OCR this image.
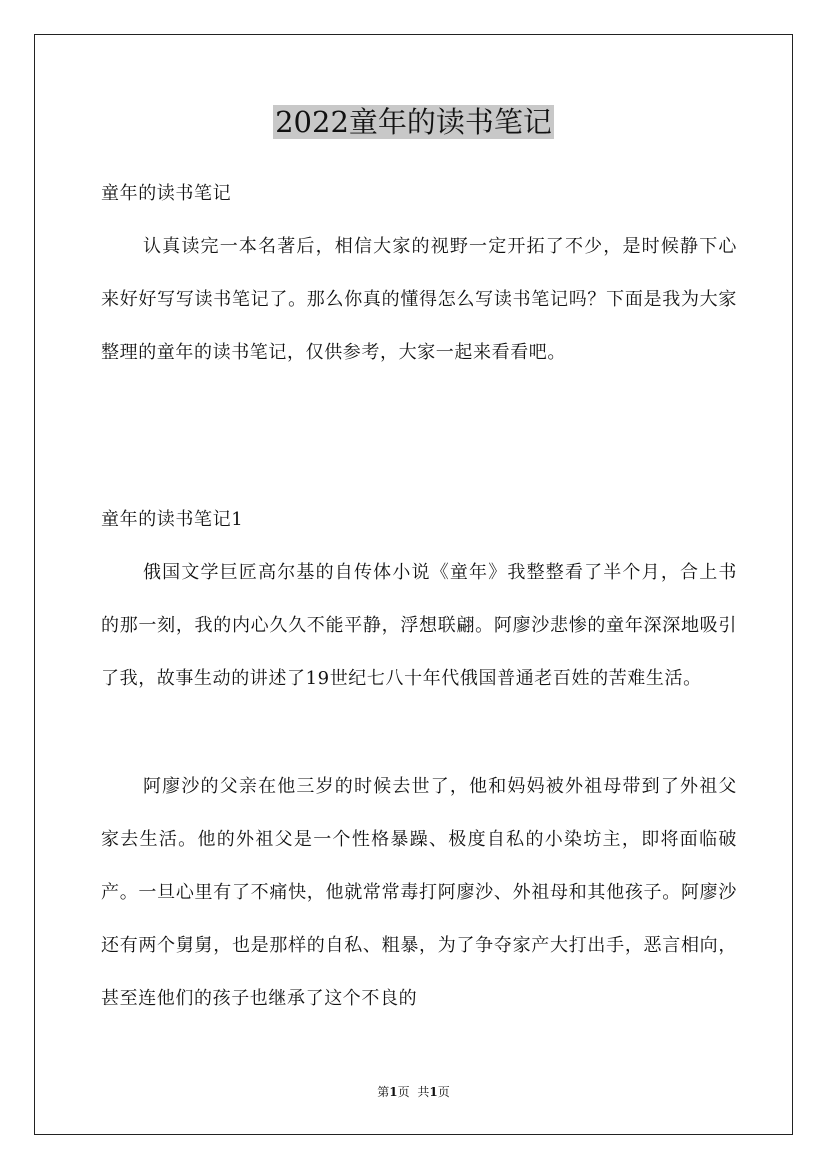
2022童年的读书笔记

童年的读书笔记

认真读完一本名著后，相信大家的视野一定开拓了不少，是时候静下心来好好写写读书笔记了。那么你真的懂得怎么写读书笔记吗？下面是我为大家整理的童年的读书笔记，仅供参考，大家一起来看看吧。

童年的读书笔记1

俄国文学巨匠高尔基的自传体小说《童年》我整整看了半个月，合上书的那一刻，我的内心久久不能平静，浮想联翩。阿廖沙悲惨的童年深深地吸引了我，故事生动的讲述了19世纪七八十年代俄国普通老百姓的苦难生活。

阿廖沙的父亲在他三岁的时候去世了，他和妈妈被外祖母带到了外祖父家去生活。他的外祖父是一个性格暴躁、极度自私的小染坊主，即将面临破产。一旦心里有了不痛快，他就常常毒打阿廖沙、外祖母和其他孩子。阿廖沙还有两个舅舅，也是那样的自私、粗暴，为了争夺家产大打出手，恶言相向，甚至连他们的孩子也继承了这个不良的

第1页 共1页
